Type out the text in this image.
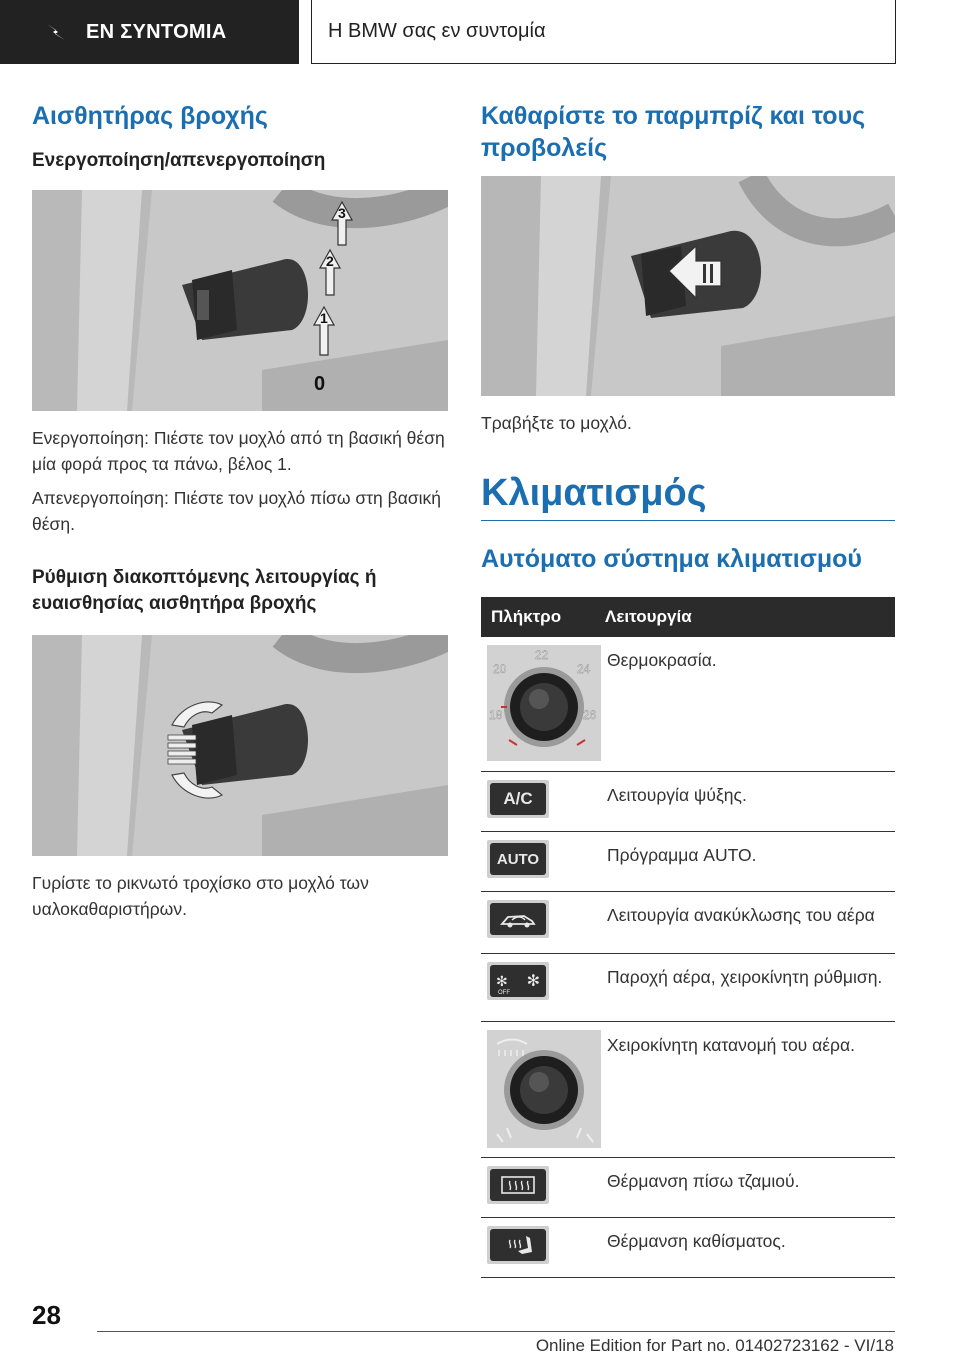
ΕΝ ΣΥΝΤΟΜΙΑ	Η BMW σας εν συντομία
Αισθητήρας βροχής
Ενεργοποίηση/απενεργοποίηση
3
2
1
0

Ενεργοποίηση: Πιέστε τον μοχλό από τη βασική θέση μία φορά προς τα πάνω, βέλος 1.

Απενεργοποίηση: Πιέστε τον μοχλό πίσω στη βασική θέση.

Ρύθμιση διακοπτόμενης λειτουργίας ή ευαισθησίας αισθητήρα βροχής

Γυρίστε το ρικνωτό τροχίσκο στο μοχλό των υαλοκαθαριστήρων.

Καθαρίστε το παρμπρίζ και τους προβολείς

Τραβήξτε το μοχλό.

Κλιματισμός
Αυτόματο σύστημα κλιματισμού
Πλήκτρο	Λειτουργία
22
20	24
18	26
Θερμοκρασία.
A/C	Λειτουργία ψύξης.
AUTO	Πρόγραμμα AUTO.
Λειτουργία ανακύκλωσης του αέρα
✻ ✻
OFF
Παροχή αέρα, χειροκίνητη ρύθμιση.
Χειροκίνητη κατανομή του αέρα.
Θέρμανση πίσω τζαμιού.
Θέρμανση καθίσματος.
28
Online Edition for Part no. 01402723162 - VI/18
